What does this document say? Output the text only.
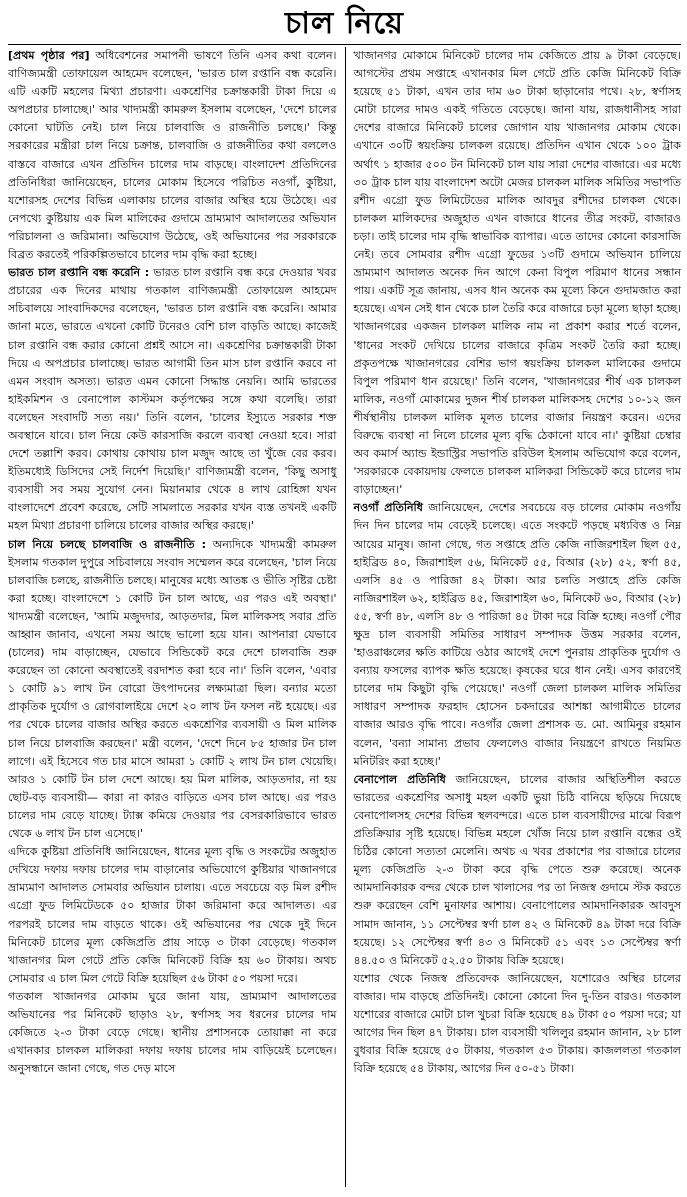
চাল নিয়ে

[প্রথম পৃষ্ঠার পর] অধিবেশনের সমাপনী ভাষণে তিনি এসব কথা বলেন। বাণিজ্যমন্ত্রী তোফায়েল আহমেদ বলেছেন, 'ভারত চাল রপ্তানি বন্ধ করেনি। এটি একটি মহলের মিথ্যা প্রচারণা। একশ্রেণির চক্রান্তকারী টাকা দিয়ে এ অপপ্রচার চালাচ্ছে।' আর খাদ্যমন্ত্রী কামরুল ইসলাম বলেছেন, 'দেশে চালের কোনো ঘাটতি নেই। চাল নিয়ে চালবাজি ও রাজনীতি চলছে।' কিন্তু সরকারের মন্ত্রীরা চাল নিয়ে চক্রান্ত, চালবাজি ও রাজনীতির কথা বললেও বাস্তবে বাজারে এখন প্রতিদিন চালের দাম বাড়ছে। বাংলাদেশ প্রতিদিনের প্রতিনিধিরা জানিয়েছেন, চালের মোকাম হিসেবে পরিচিত নওগাঁ, কুষ্টিয়া, যশোরসহ দেশের বিভিন্ন এলাকায় চালের বাজার অস্থির হয়ে উঠেছে। এর নেপথ্যে কুষ্টিয়ায় এক মিল মালিকের গুদামে ভ্রাম্যমাণ আদালতের অভিযান পরিচালনা ও জরিমানা। অভিযোগ উঠেছে, ওই অভিযানের পর সরকারকে বিব্রত করতেই পরিকল্পিতভাবে চালের দাম বৃদ্ধি করা হচ্ছে।

ভারত চাল রপ্তানি বন্ধ করেনি : ভারত চাল রপ্তানি বন্ধ করে দেওয়ার খবর প্রচারের এক দিনের মাথায় গতকাল বাণিজ্যমন্ত্রী তোফায়েল আহমেদ সচিবালয়ে সাংবাদিকদের বলেছেন, 'ভারত চাল রপ্তানি বন্ধ করেনি। আমার জানা মতে, ভারতে এখনো কোটি টনেরও বেশি চাল বাড়তি আছে। কাজেই চাল রপ্তানি বন্ধ করার কোনো প্রশ্নই আসে না। একশ্রেণির চক্রান্তকারী টাকা দিয়ে এ অপপ্রচার চালাচ্ছে। ভারত আগামী তিন মাস চাল রপ্তানি করবে না এমন সংবাদ অসত্য। ভারত এমন কোনো সিদ্ধান্ত নেয়নি। আমি ভারতের হাইকমিশন ও বেনাপোল কাস্টমস কর্তৃপক্ষের সঙ্গে কথা বলেছি। তারা বলেছেন সংবাদটি সত্য নয়।' তিনি বলেন, 'চালের ইস্যুতে সরকার শক্ত অবস্থানে যাবে। চাল নিয়ে কেউ কারসাজি করলে ব্যবস্থা নেওয়া হবে। সারা দেশে তল্লাশি করব। কোথায় কোথায় চাল মজুদ আছে তা খুঁজে বের করব। ইতিমধ্যেই ডিসিদের সেই নির্দেশ দিয়েছি।' বাণিজ্যমন্ত্রী বলেন, 'কিছু অসাধু ব্যবসায়ী সব সময় সুযোগ নেন। মিয়ানমার থেকে ৪ লাখ রোহিঙ্গা যখন বাংলাদেশে প্রবেশ করেছে, সেটি সামলাতে সরকার যখন ব্যস্ত তখনই একটি মহল মিথ্যা প্রচারণা চালিয়ে চালের বাজার অস্থির করছে।'

চাল নিয়ে চলছে চালবাজি ও রাজনীতি : অন্যদিকে খাদ্যমন্ত্রী কামরুল ইসলাম গতকাল দুপুরে সচিবালয়ে সংবাদ সম্মেলন করে বলেছেন, 'চাল নিয়ে চালবাজি চলছে, রাজনীতি চলছে। মানুষের মধ্যে আতঙ্ক ও ভীতি সৃষ্টির চেষ্টা করা হচ্ছে। বাংলাদেশে ১ কোটি টন চাল আছে, এর পরও এই অবস্থা।' খাদ্যমন্ত্রী বলেছেন, 'আমি মজুদদার, আড়তদার, মিল মালিকসহ সবার প্রতি আহ্বান জানাব, এখনো সময় আছে ভালো হয়ে যান। আপনারা যেভাবে (চালের) দাম বাড়াচ্ছেন, যেভাবে সিন্ডিকেট করে দেশে চালবাজি শুরু করেছেন তা কোনো অবস্থাতেই বরদাশত করা হবে না।' তিনি বলেন, 'এবার ১ কোটি ৯১ লাখ টন বোরো উৎপাদনের লক্ষ্যমাত্রা ছিল। বন্যার মতো প্রাকৃতিক দুর্যোগ ও রোগবালাইয়ে দেশে ২০ লাখ টন ফসল নষ্ট হয়েছে। এর পর থেকে চালের বাজার অস্থির করতে একশ্রেণির ব্যবসায়ী ও মিল মালিক চাল নিয়ে চালবাজি করছেন।' মন্ত্রী বলেন, 'দেশে দিনে ৮৫ হাজার টন চাল লাগে। এই হিসেবে গত চার মাসে আমরা ১ কোটি ২ লাখ টন চাল খেয়েছি। আরও ১ কোটি টন চাল দেশে আছে। হয় মিল মালিক, আড়তদার, না হয় ছোট-বড় ব্যবসায়ী— কারা না কারও বাড়িতে এসব চাল আছে। এর পরও চালের দাম বেড়ে যাচ্ছে। ট্যাক্স কমিয়ে দেওয়ার পর বেসরকারিভাবে ভারত থেকে ৬ লাখ টন চাল এসেছে।'

এদিকে কুষ্টিয়া প্রতিনিধি জানিয়েছেন, ধানের মূল্য বৃদ্ধি ও সংকটের অজুহাত দেখিয়ে দফায় দফায় চালের দাম বাড়ানোর অভিযোগে কুষ্টিয়ার খাজানগরে ভ্রাম্যমাণ আদালত সোমবার অভিযান চালায়। এতে সবচেয়ে বড় মিল রশীদ এগ্রো ফুড লিমিটেডকে ৫০ হাজার টাকা জরিমানা করে আদালত। এর পরপরই চালের দাম বাড়তে থাকে। ওই অভিযানের পর থেকে দুই দিনে মিনিকেট চালের মূল্য কেজিপ্রতি প্রায় সাড়ে ৩ টাকা বেড়েছে। গতকাল খাজানগর মিল গেটে প্রতি কেজি মিনিকেট বিক্রি হয় ৬০ টাকায়। অথচ সোমবার এ চাল মিল গেটে বিক্রি হয়েছিল ৫৬ টাকা ৫০ পয়সা দরে।

গতকাল খাজানগর মোকাম ঘুরে জানা যায়, ভ্রাম্যমাণ আদালতের অভিযানের পর মিনিকেট ছাড়াও ২৮, স্বর্ণাসহ সব ধরনের চালের দাম কেজিতে ২-৩ টাকা বেড়ে গেছে। স্থানীয় প্রশাসনকে তোয়াক্কা না করে এখানকার চালকল মালিকরা দফায় দফায় চালের দাম বাড়িয়েই চলেছেন। অনুসন্ধানে জানা গেছে, গত দেড় মাসে

খাজানগর মোকামে মিনিকেট চালের দাম কেজিতে প্রায় ৯ টাকা বেড়েছে। আগস্টের প্রথম সপ্তাহে এখানকার মিল গেটে প্রতি কেজি মিনিকেট বিক্রি হয়েছে ৫১ টাকা, এখন তার দাম ৬০ টাকা ছাড়ানোর পথে। ২৮, স্বর্ণাসহ মোটা চালের দামও একই গতিতে বেড়েছে। জানা যায়, রাজধানীসহ সারা দেশের বাজারে মিনিকেট চালের জোগান যায় খাজানগর মোকাম থেকে। এখানে ৩০টি স্বয়ংক্রিয় চালকল রয়েছে। প্রতিদিন এখান থেকে ১০০ ট্রাক অর্থাৎ ১ হাজার ৫০০ টন মিনিকেট চাল যায় সারা দেশের বাজারে। এর মধ্যে ৩০ ট্রাক চাল যায় বাংলাদেশ অটো মেজর চালকল মালিক সমিতির সভাপতি রশীদ এগ্রো ফুড লিমিটেডের মালিক আবদুর রশীদের চালকল থেকে। চালকল মালিকদের অজুহাত এখন বাজারে ধানের তীব্র সংকট, বাজারও চড়া। তাই চালের দাম বৃদ্ধি স্বাভাবিক ব্যাপার। এতে তাদের কোনো কারসাজি নেই। তবে সোমবার রশীদ এগ্রো ফুডের ১৩টি গুদামে অভিযান চালিয়ে ভ্রাম্যমাণ আদালত অনেক দিন আগে কেনা বিপুল পরিমাণ ধানের সন্ধান পায়। একটি সূত্র জানায়, এসব ধান অনেক কম মূল্যে কিনে গুদামজাত করা হয়েছে। এখন সেই ধান থেকে চাল তৈরি করে বাজারে চড়া মূল্যে ছাড়া হচ্ছে। খাজানগরের একজন চালকল মালিক নাম না প্রকাশ করার শর্তে বলেন, 'ধানের সংকট দেখিয়ে চালের বাজারে কৃত্রিম সংকট তৈরি করা হচ্ছে। প্রকৃতপক্ষে খাজানগরের বেশির ভাগ স্বয়ংক্রিয় চালকল মালিকের গুদামে বিপুল পরিমাণ ধান রয়েছে।' তিনি বলেন, 'খাজানগরের শীর্ষ এক চালকল মালিক, নওগাঁ মোকামের দুজন শীর্ষ চালকল মালিকসহ দেশের ১০-১২ জন শীর্ষস্থানীয় চালকল মালিক মূলত চালের বাজার নিয়ন্ত্রণ করেন। এদের বিরুদ্ধে ব্যবস্থা না নিলে চালের মূল্য বৃদ্ধি ঠেকানো যাবে না।' কুষ্টিয়া চেম্বার অব কমার্স অ্যান্ড ইন্ডাস্ট্রির সভাপতি রবিউল ইসলাম অভিযোগ করে বলেন, 'সরকারকে বেকায়দায় ফেলতে চালকল মালিকরা সিন্ডিকেট করে চালের দাম বাড়াচ্ছেন।'

নওগাঁ প্রতিনিধি জানিয়েছেন, দেশের সবচেয়ে বড় চালের মোকাম নওগাঁয় দিন দিন চালের দাম বেড়েই চলেছে। এতে সংকটে পড়ছে মধ্যবিত্ত ও নিম্ন আয়ের মানুষ। জানা গেছে, গত সপ্তাহে প্রতি কেজি নাজিরশাইল ছিল ৫৫, হাইব্রিড ৪০, জিরাশাইল ৫৬, মিনিকেট ৫৫, বিআর (২৮) ৫২, স্বর্ণা ৪৫, এলসি ৪৫ ও পারিজা ৪২ টাকা। আর চলতি সপ্তাহে প্রতি কেজি নাজিরশাইল ৬২, হাইব্রিড ৪৫, জিরাশাইল ৬০, মিনিকেট ৬০, বিআর (২৮) ৫৫, স্বর্ণা ৪৮, এলসি ৪৮ ও পারিজা ৪৫ টাকা দরে বিক্রি হচ্ছে। নওগাঁ পৌর ক্ষুদ্র চাল ব্যবসায়ী সমিতির সাধারণ সম্পাদক উত্তম সরকার বলেন, 'হাওরাঞ্চলের ক্ষতি কাটিয়ে ওঠার আগেই দেশে পুনরায় প্রাকৃতিক দুর্যোগ ও বন্যায় ফসলের ব্যাপক ক্ষতি হয়েছে। কৃষকের ঘরে ধান নেই। এসব কারণেই চালের দাম কিছুটা বৃদ্ধি পেয়েছে।' নওগাঁ জেলা চালকল মালিক সমিতির সাধারণ সম্পাদক ফরহাদ হোসেন চকদারের আশঙ্কা আগামীতে চালের বাজার আরও বৃদ্ধি পাবে। নওগাঁর জেলা প্রশাসক ড. মো. আমিনুর রহমান বলেন, 'বন্যা সামান্য প্রভাব ফেললেও বাজার নিয়ন্ত্রণে রাখতে নিয়মিত মনিটরিং করা হচ্ছে।'

বেনাপোল প্রতিনিধি জানিয়েছেন, চালের বাজার অস্থিতিশীল করতে ভারতের একশ্রেণির অসাধু মহল একটি ভুয়া চিঠি বানিয়ে ছড়িয়ে দিয়েছে বেনাপোলসহ দেশের বিভিন্ন স্থলবন্দরে। এতে চাল ব্যবসায়ীদের মাঝে বিরূপ প্রতিক্রিয়ার সৃষ্টি হয়েছে। বিভিন্ন মহলে খোঁজ নিয়ে চাল রপ্তানি বন্ধের ওই চিঠির কোনো সত্যতা মেলেনি। অথচ এ খবর প্রকাশের পর বাজারে চালের মূল্য কেজিপ্রতি ২-৩ টাকা করে বৃদ্ধি পেতে শুরু করেছে। অনেক আমদানিকারক বন্দর থেকে চাল খালাসের পর তা নিজস্ব গুদামে স্টক করতে শুরু করেছেন বেশি মুনাফার আশায়। বেনাপোলের আমদানিকারক আবদুস সামাদ জানান, ১১ সেপ্টেম্বর স্বর্ণা চাল ৪২ ও মিনিকেট ৪৯ টাকা দরে বিক্রি হয়েছে। ১২ সেপ্টেম্বর স্বর্ণা ৪৩ ও মিনিকেট ৫১ এবং ১৩ সেপ্টেম্বর স্বর্ণা ৪৪.৫০ ও মিনিকেট ৫২.৫০ টাকায় বিক্রি হয়েছে।

যশোর থেকে নিজস্ব প্রতিবেদক জানিয়েছেন, যশোরেও অস্থির চালের বাজার। দাম বাড়ছে প্রতিদিনই। কোনো কোনো দিন দু-তিন বারও। গতকাল যশোরের বাজারে মোটা চাল খুচরা বিক্রি হয়েছে ৪৯ টাকা ৫০ পয়সা দরে; যা আগের দিন ছিল ৪৭ টাকায়। চাল ব্যবসায়ী খলিলুর রহমান জানান, ২৮ চাল বুধবার বিক্রি হয়েছে ৫০ টাকায়, গতকাল ৫৩ টাকায়। কাজললতা গতকাল বিক্রি হয়েছে ৫৪ টাকায়, আগের দিন ৫০-৫১ টাকা।
